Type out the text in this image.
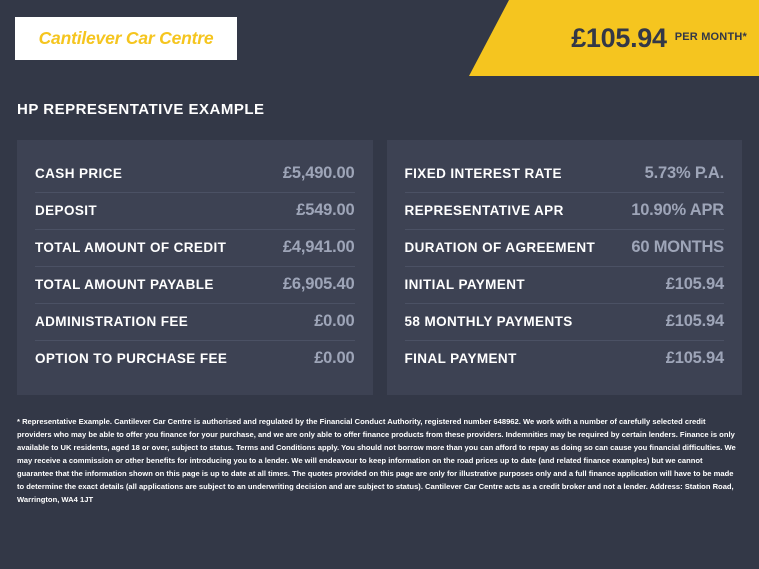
£105.94 PER MONTH*
Cantilever Car Centre
HP REPRESENTATIVE EXAMPLE
CASH PRICE	£5,490.00
DEPOSIT	£549.00
TOTAL AMOUNT OF CREDIT	£4,941.00
TOTAL AMOUNT PAYABLE	£6,905.40
ADMINISTRATION FEE	£0.00
OPTION TO PURCHASE FEE	£0.00
FIXED INTEREST RATE	5.73% P.A.
REPRESENTATIVE APR	10.90% APR
DURATION OF AGREEMENT 60 MONTHS
INITIAL PAYMENT	£105.94
58 MONTHLY PAYMENTS	£105.94
FINAL PAYMENT	£105.94
* Representative Example. Cantilever Car Centre is authorised and regulated by the Financial Conduct Authority, registered number 648962. We work with a number of carefully selected credit providers who may be able to offer you finance for your purchase, and we are only able to offer finance products from these providers. Indemnities may be required by certain lenders. Finance is only available to UK residents, aged 18 or over, subject to status. Terms and Conditions apply. You should not borrow more than you can afford to repay as doing so can cause you financial difficulties. We may receive a commission or other benefits for introducing you to a lender. We will endeavour to keep information on the road prices up to date (and related finance examples) but we cannot guarantee that the information shown on this page is up to date at all times. The quotes provided on this page are only for illustrative purposes only and a full finance application will have to be made to determine the exact details (all applications are subject to an underwriting decision and are subject to status). Cantilever Car Centre acts as a credit broker and not a lender. Address: Station Road, Warrington, WA4 1JT
